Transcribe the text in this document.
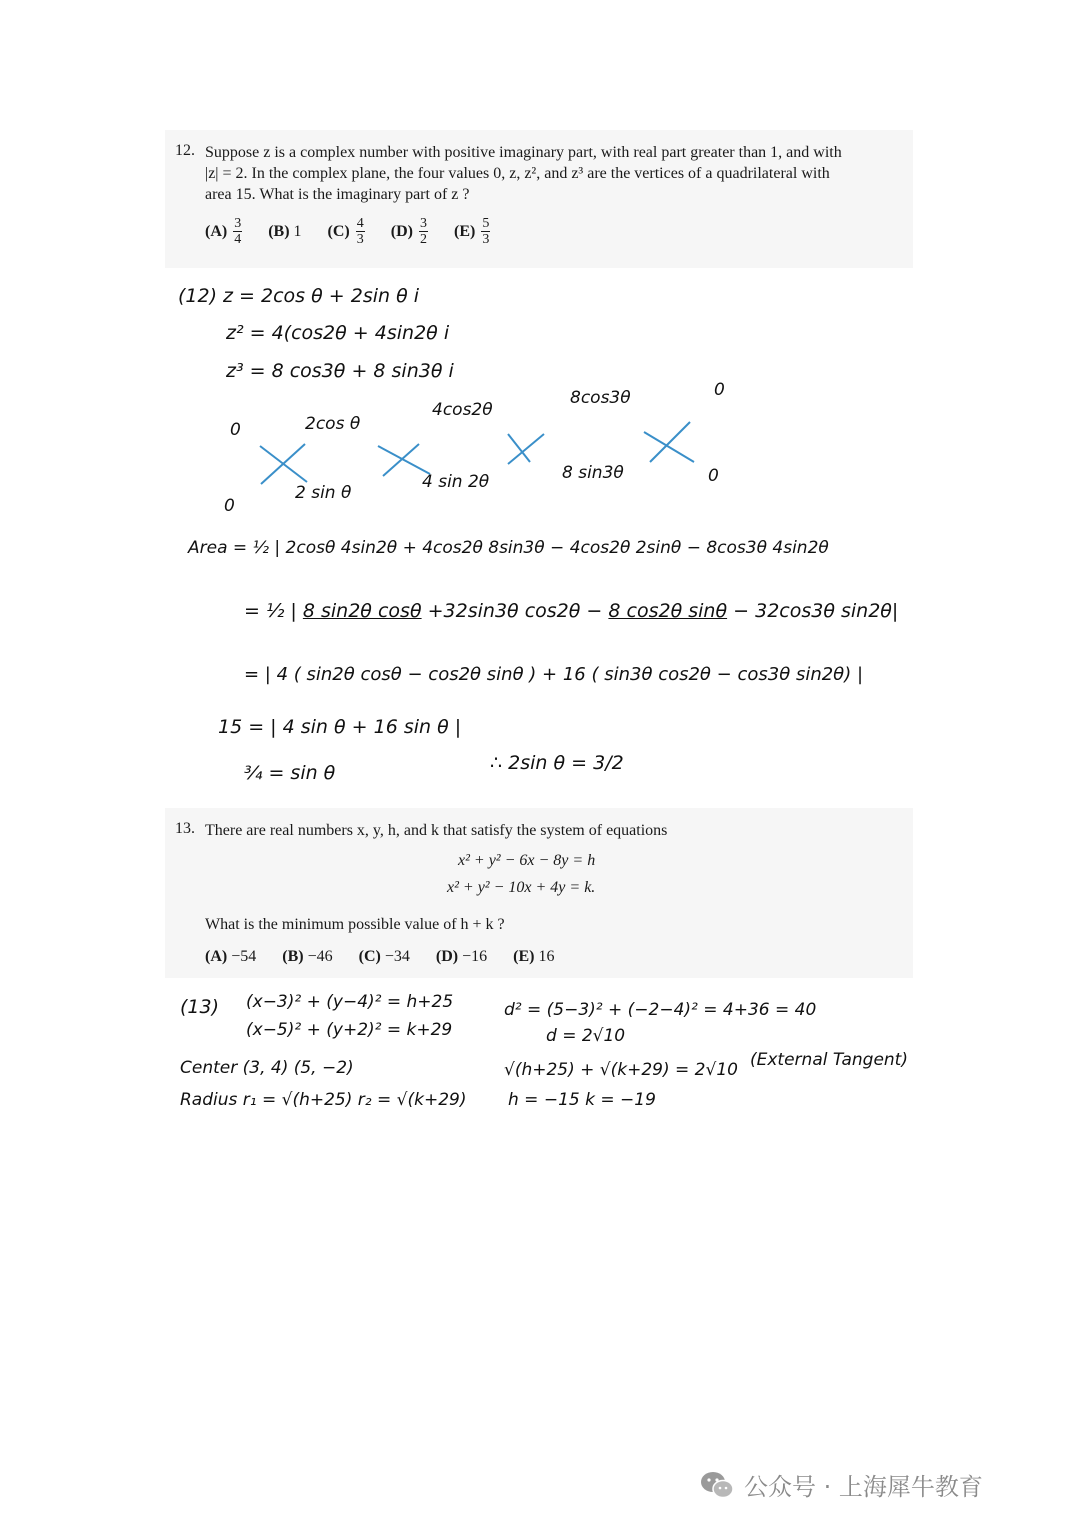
12. Suppose z is a complex number with positive imaginary part, with real part greater than 1, and with
|z| = 2. In the complex plane, the four values 0, z, z², and z³ are the vertices of a quadrilateral with
area 15. What is the imaginary part of z ?
$(A) \frac{3}{4} (B)$ 1 $(C) \frac{4}{3} (D) \frac{3}{2} (E) \frac{5}{3}$
(12) z = 2cos θ + 2sin θ i
z² = 4(cos2θ + 4sin2θ i
z³ = 8 cos3θ + 8 sin3θ i
0	2cos θ
4cos2θ
8cos3θ	0
0
2 sin θ
4 sin 2θ	8 sin3θ	0
Area = ½ | 2cosθ 4sin2θ + 4cos2θ 8sin3θ − 4cos2θ 2sinθ − 8cos3θ 4sin2θ
= ½ | 8 sin2θ cosθ +32sin3θ cos2θ − 8 cos2θ sinθ − 32cos3θ sin2θ|
= | 4 ( sin2θ cosθ − cos2θ sinθ ) + 16 ( sin3θ cos2θ − cos3θ sin2θ) |
15 = | 4 sin θ + 16 sin θ |
¾ = sin θ	∴ 2sin θ = 3/2
13. There are real numbers x, y, h, and k that satisfy the system of equations
x² + y² − 6x − 8y = h
x² + y² − 10x + 4y = k.
What is the minimum possible value of h + k ?
(A) −54 (B) −46 (C) −34 (D) −16 (E) 16
(13) (x−3)² + (y−4)² = h+25
(x−5)² + (y+2)² = k+29
Center (3, 4) (5, −2)
Radius r₁ = √(h+25) r₂ = √(k+29)
d² = (5−3)² + (−2−4)² = 4+36 = 40
d = 2√10
√(h+25) + √(k+29) = 2√10 (External Tangent)
h = −15 k = −19
公众号 · 上海犀牛教育
